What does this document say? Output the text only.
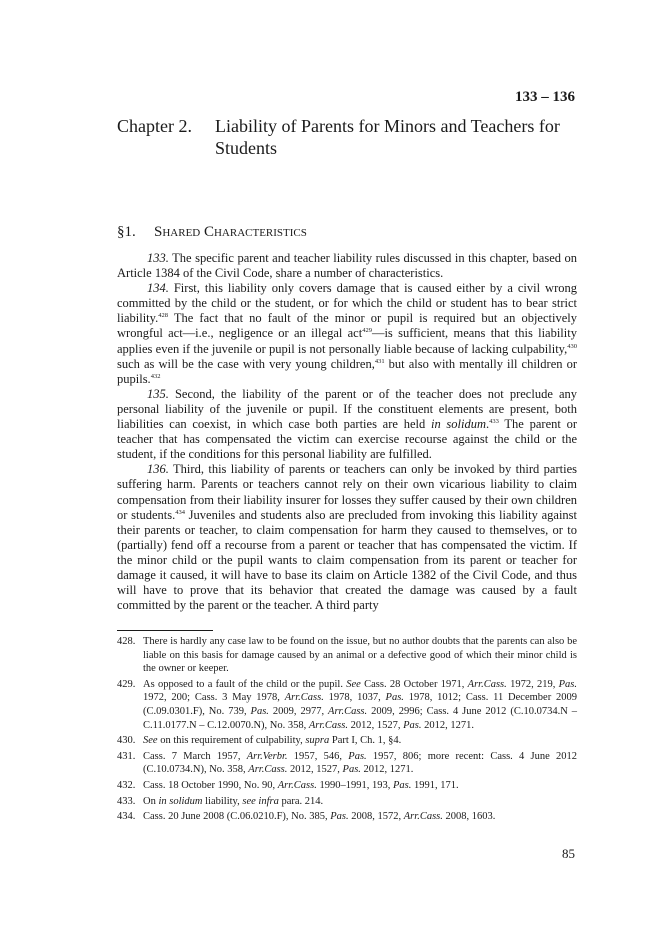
133 – 136
Chapter 2.	Liability of Parents for Minors and Teachers for Students
§1.	Shared Characteristics

133. The specific parent and teacher liability rules discussed in this chapter, based on Article 1384 of the Civil Code, share a number of characteristics.

134. First, this liability only covers damage that is caused either by a civil wrong committed by the child or the student, or for which the child or student has to bear strict liability.$^{428}$ The fact that no fault of the minor or pupil is required but an objectively wrongful act—i.e., negligence or an illegal act$^{429}$—is sufficient, means that this liability applies even if the juvenile or pupil is not personally liable because of lacking culpability,$^{430}$ such as will be the case with very young children,$^{431}$ but also with mentally ill children or pupils.$^{432}$

135. Second, the liability of the parent or of the teacher does not preclude any personal liability of the juvenile or pupil. If the constituent elements are present, both liabilities can coexist, in which case both parties are held in solidum.$^{433}$ The parent or teacher that has compensated the victim can exercise recourse against the child or the student, if the conditions for this personal liability are fulfilled.

136. Third, this liability of parents or teachers can only be invoked by third parties suffering harm. Parents or teachers cannot rely on their own vicarious liability to claim compensation from their liability insurer for losses they suffer caused by their own children or students.$^{434}$ Juveniles and students also are precluded from invoking this liability against their parents or teacher, to claim compensation for harm they caused to themselves, or to (partially) fend off a recourse from a parent or teacher that has compensated the victim. If the minor child or the pupil wants to claim compensation from its parent or teacher for damage it caused, it will have to base its claim on Article 1382 of the Civil Code, and thus will have to prove that its behavior that created the damage was caused by a fault committed by the parent or the teacher. A third party

428. There is hardly any case law to be found on the issue, but no author doubts that the parents can also be liable on this basis for damage caused by an animal or a defective good of which their minor child is the owner or keeper.
429. As opposed to a fault of the child or the pupil. See Cass. 28 October 1971, Arr.Cass. 1972, 219, Pas. 1972, 200; Cass. 3 May 1978, Arr.Cass. 1978, 1037, Pas. 1978, 1012; Cass. 11 December 2009 (C.09.0301.F), No. 739, Pas. 2009, 2977, Arr.Cass. 2009, 2996; Cass. 4 June 2012 (C.10.0734.N – C.11.0177.N – C.12.0070.N), No. 358, Arr.Cass. 2012, 1527, Pas. 2012, 1271.
430. See on this requirement of culpability, supra Part I, Ch. 1, §4.
431. Cass. 7 March 1957, Arr.Verbr. 1957, 546, Pas. 1957, 806; more recent: Cass. 4 June 2012 (C.10.0734.N), No. 358, Arr.Cass. 2012, 1527, Pas. 2012, 1271.
432. Cass. 18 October 1990, No. 90, Arr.Cass. 1990–1991, 193, Pas. 1991, 171.
433. On in solidum liability, see infra para. 214.
434. Cass. 20 June 2008 (C.06.0210.F), No. 385, Pas. 2008, 1572, Arr.Cass. 2008, 1603.
85
